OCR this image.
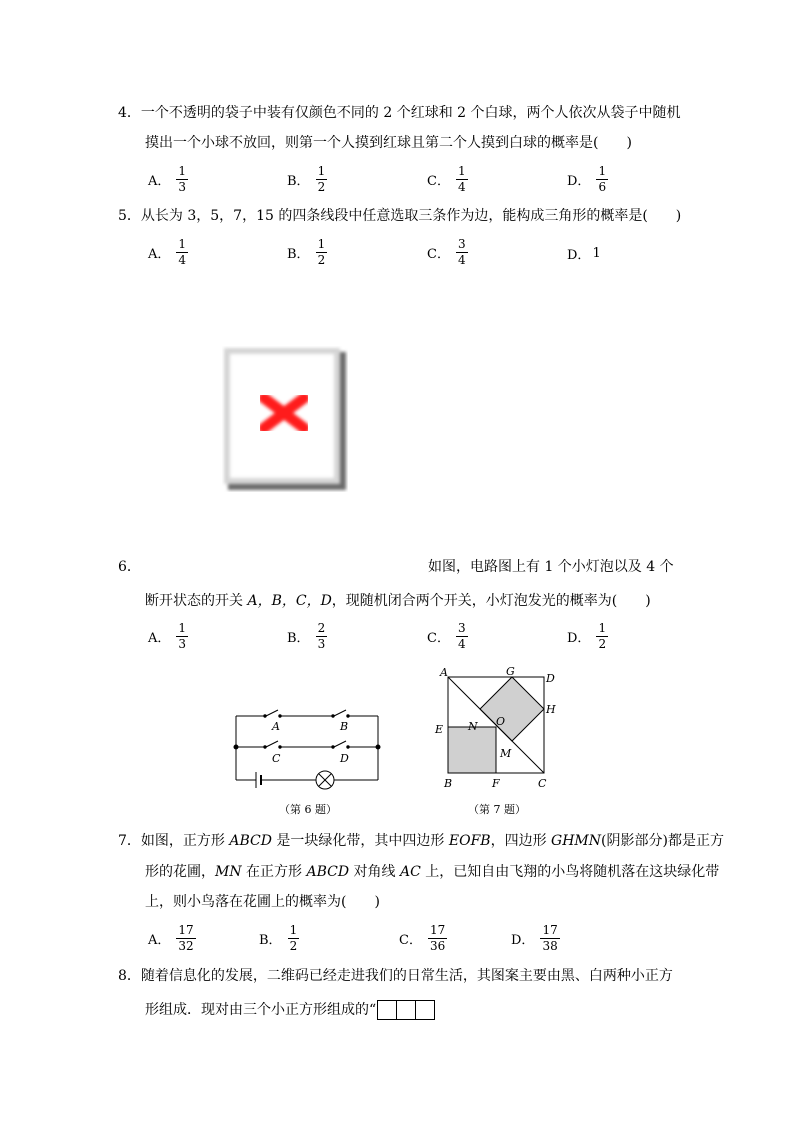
4．一个不透明的袋子中装有仅颜色不同的 2 个红球和 2 个白球，两个人依次从袋子中随机
摸出一个小球不放回，则第一个人摸到红球且第二个人摸到白球的概率是(　　)
A． $\frac{1}{3}$	B． $\frac{1}{2}$	C． $\frac{1}{4}$	D． $\frac{1}{6}$
5．从长为 3，5，7，15 的四条线段中任意选取三条作为边，能构成三角形的概率是(　　)
A． $\frac{1}{4}$	B． $\frac{1}{2}$	C． $\frac{3}{4}$	D． 1
6．	如图，电路图上有 1 个小灯泡以及 4 个
断开状态的开关 A，B，C，D，现随机闭合两个开关，小灯泡发光的概率为(　　)
A． $\frac{1}{3}$	B． $\frac{2}{3}$	C． $\frac{3}{4}$	D． $\frac{1}{2}$
A	B
C	D
（第 6 题）
A	G
D
H
E N O
M
B	F	C
（第 7 题）
7．如图，正方形 ABCD 是一块绿化带，其中四边形 EOFB，四边形 GHMN(阴影部分)都是正方
形的花圃，MN 在正方形 ABCD 对角线 AC 上，已知自由飞翔的小鸟将随机落在这块绿化带
上，则小鸟落在花圃上的概率为(　　)
A． $\frac{17}{32}$	B． $\frac{1}{2}$	C． $\frac{17}{36}$	D． $\frac{17}{38}$
8．随着信息化的发展，二维码已经走进我们的日常生活，其图案主要由黑、白两种小正方
形组成．现对由三个小正方形组成的“
